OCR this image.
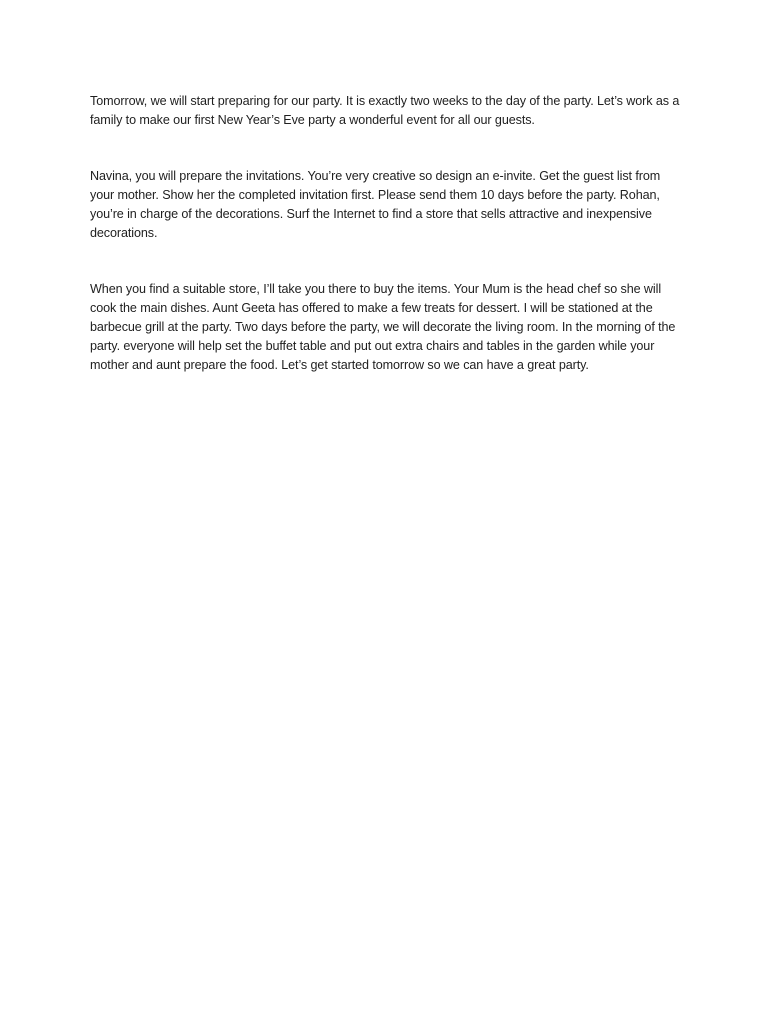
Tomorrow, we will start preparing for our party. It is exactly two weeks to the day of the party. Let’s work as a family to make our first New Year’s Eve party a wonderful event for all our guests.

Navina, you will prepare the invitations. You’re very creative so design an e-invite. Get the guest list from your mother. Show her the completed invitation first. Please send them 10 days before the party. Rohan, you’re in charge of the decorations. Surf the Internet to find a store that sells attractive and inexpensive decorations.

When you find a suitable store, I’ll take you there to buy the items. Your Mum is the head chef so she will cook the main dishes. Aunt Geeta has offered to make a few treats for dessert. I will be stationed at the barbecue grill at the party. Two days before the party, we will decorate the living room. In the morning of the party. everyone will help set the buffet table and put out extra chairs and tables in the garden while your mother and aunt prepare the food. Let’s get started tomorrow so we can have a great party.
